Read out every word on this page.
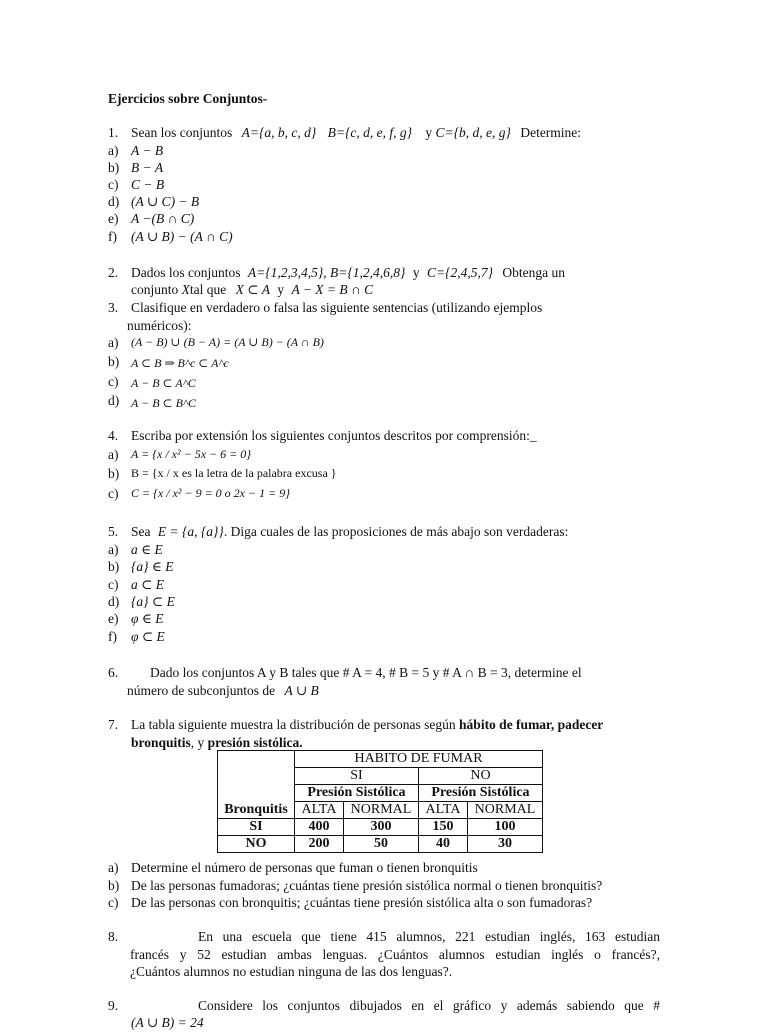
Ejercicios sobre Conjuntos-
1. Sean los conjuntos A={a, b, c, d} B={c, d, e, f, g} y C={b, d, e, g} Determine:
a) A − B
b) B − A
c) C − B
d) (A ∪ C) − B
e) A −(B ∩ C)
f) (A ∪ B) − (A ∩ C)
2. Dados los conjuntos A={1,2,3,4,5}, B={1,2,4,6,8} y C={2,4,5,7} Obtenga un
conjunto Xtal que X ⊂ A y A − X = B ∩ C
3. Clasifique en verdadero o falsa las siguiente sentencias (utilizando ejemplos
numéricos):
a) (A − B) ∪ (B − A) = (A ∪ B) − (A ∩ B)
b) A ⊂ B ⇒ B^c ⊂ A^c
c) A − B ⊂ A^C
d) A − B ⊂ B^C
4. Escriba por extensión los siguientes conjuntos descritos por comprensión:_
a) A = {x / x² − 5x − 6 = 0}
b) B = {x / x es la letra de la palabra excusa }
c) C = {x / x² − 9 = 0 o 2x − 1 = 9}
5. Sea E = {a, {a}}. Diga cuales de las proposiciones de más abajo son verdaderas:
a) a ∈ E
b) {a} ∈ E
c) a ⊂ E
d) {a} ⊂ E
e) φ ∈ E
f) φ ⊂ E
6. Dado los conjuntos A y B tales que # A = 4, # B = 5 y # A ∩ B = 3, determine el
número de subconjuntos de A ∪ B
7. La tabla siguiente muestra la distribución de personas según hábito de fumar, padecer
bronquitis, y presión sistólica.
	HABITO DE FUMAR			
	SI		NO	
	Presión Sistólica		Presión Sistólica	
Bronquitis	ALTA	NORMAL	ALTA	NORMAL
SI	400	300	150	100
NO	200	50	40	30
a) Determine el número de personas que fuman o tienen bronquitis
b) De las personas fumadoras; ¿cuántas tiene presión sistólica normal o tienen bronquitis?
c) De las personas con bronquitis; ¿cuántas tiene presión sistólica alta o son fumadoras?
8.	En una escuela que tiene 415 alumnos, 221 estudian inglés, 163 estudian
francés y 52 estudian ambas lenguas. ¿Cuántos alumnos estudian inglés o francés?,
¿Cuántos alumnos no estudian ninguna de las dos lenguas?.
9.	Considere los conjuntos dibujados en el gráfico y además sabiendo que #
(A ∪ B) = 24
